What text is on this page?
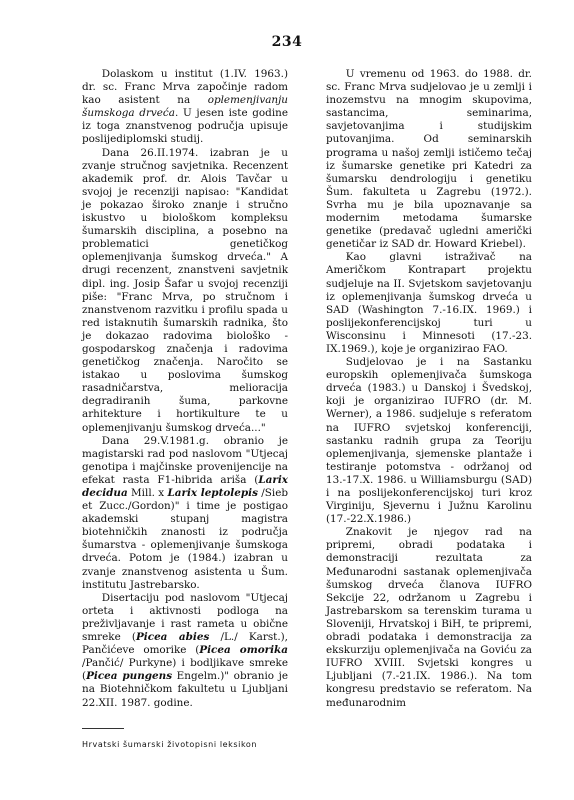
234

Dolaskom u institut (1.IV. 1963.) dr. sc. Franc Mrva započinje radom kao asistent na oplemenjivanju šumskoga drveća. U jesen iste godine iz toga znanstvenog područja upisuje poslijediplomski studij.

Dana 26.II.1974. izabran je u zvanje stručnog savjetnika. Recenzent akademik prof. dr. Alois Tavčar u svojoj je recenziji napisao: "Kandidat je pokazao široko znanje i stručno iskustvo u biološkom kompleksu šumarskih disciplina, a posebno na problematici genetičkog oplemenjivanja šumskog drveća." A drugi recenzent, znanstveni savjetnik dipl. ing. Josip Šafar u svojoj recenziji piše: "Franc Mrva, po stručnom i znanstvenom razvitku i profilu spada u red istaknutih šumarskih radnika, što je dokazao radovima biološko - gospodarskog značenja i radovima genetičkog značenja. Naročito se istakao u poslovima šumskog rasadničarstva, melioracija degradiranih šuma, parkovne arhitekture i hortikulture te u oplemenjivanju šumskog drveća..."

Dana 29.V.1981.g. obranio je magistarski rad pod naslovom "Utjecaj genotipa i majčinske provenijencije na efekat rasta F1-hibrida ariša (Larix decidua Mill. x Larix leptolepis /Sieb et Zucc./Gordon)" i time je postigao akademski stupanj magistra biotehničkih znanosti iz područja šumarstva - oplemenjivanje šumskoga drveća. Potom je (1984.) izabran u zvanje znanstvenog asistenta u Šum. institutu Jastrebarsko.

Disertaciju pod naslovom "Utjecaj orteta i aktivnosti podloga na preživljavanje i rast rameta u obične smreke (Picea abies /L./ Karst.), Pančićeve omorike (Picea omorika /Pančić/ Purkyne) i bodljikave smreke (Picea pungens Engelm.)" obranio je na Biotehničkom fakultetu u Ljubljani 22.XII. 1987. godine.

U vremenu od 1963. do 1988. dr. sc. Franc Mrva sudjelovao je u zemlji i inozemstvu na mnogim skupovima, sastancima, seminarima, savjetovanjima i studijskim putovanjima. Od seminarskih programa u našoj zemlji ističemo tečaj iz šumarske genetike pri Katedri za šumarsku dendrologiju i genetiku Šum. fakulteta u Zagrebu (1972.). Svrha mu je bila upoznavanje sa modernim metodama šumarske genetike (predavač ugledni američki genetičar iz SAD dr. Howard Kriebel).

Kao glavni istraživač na Američkom Kontrapart projektu sudjeluje na II. Svjetskom savjetovanju iz oplemenjivanja šumskog drveća u SAD (Washington 7.-16.IX. 1969.) i poslijekonferencijskoj turi u Wisconsinu i Minnesoti (17.-23. IX.1969.), koje je organizirao FAO.

Sudjelovao je i na Sastanku europskih oplemenjivača šumskoga drveća (1983.) u Danskoj i Švedskoj, koji je organizirao IUFRO (dr. M. Werner), a 1986. sudjeluje s referatom na IUFRO svjetskoj konferenciji, sastanku radnih grupa za Teoriju oplemenjivanja, sjemenske plantaže i testiranje potomstva - održanoj od 13.-17.X. 1986. u Williamsburgu (SAD) i na poslijekonferencijskoj turi kroz Virginiju, Sjevernu i Južnu Karolinu (17.-22.X.1986.)

Znakovit je njegov rad na pripremi, obradi podataka i demonstraciji rezultata za Međunarodni sastanak oplemenjivača šumskog drveća članova IUFRO Sekcije 22, održanom u Zagrebu i Jastrebarskom sa terenskim turama u Sloveniji, Hrvatskoj i BiH, te pripremi, obradi podataka i demonstracija za ekskurziju oplemenjivača na Goviću za IUFRO XVIII. Svjetski kongres u Ljubljani (7.-21.IX. 1986.). Na tom kongresu predstavio se referatom. Na međunarodnim

Hrvatski šumarski životopisni leksikon
